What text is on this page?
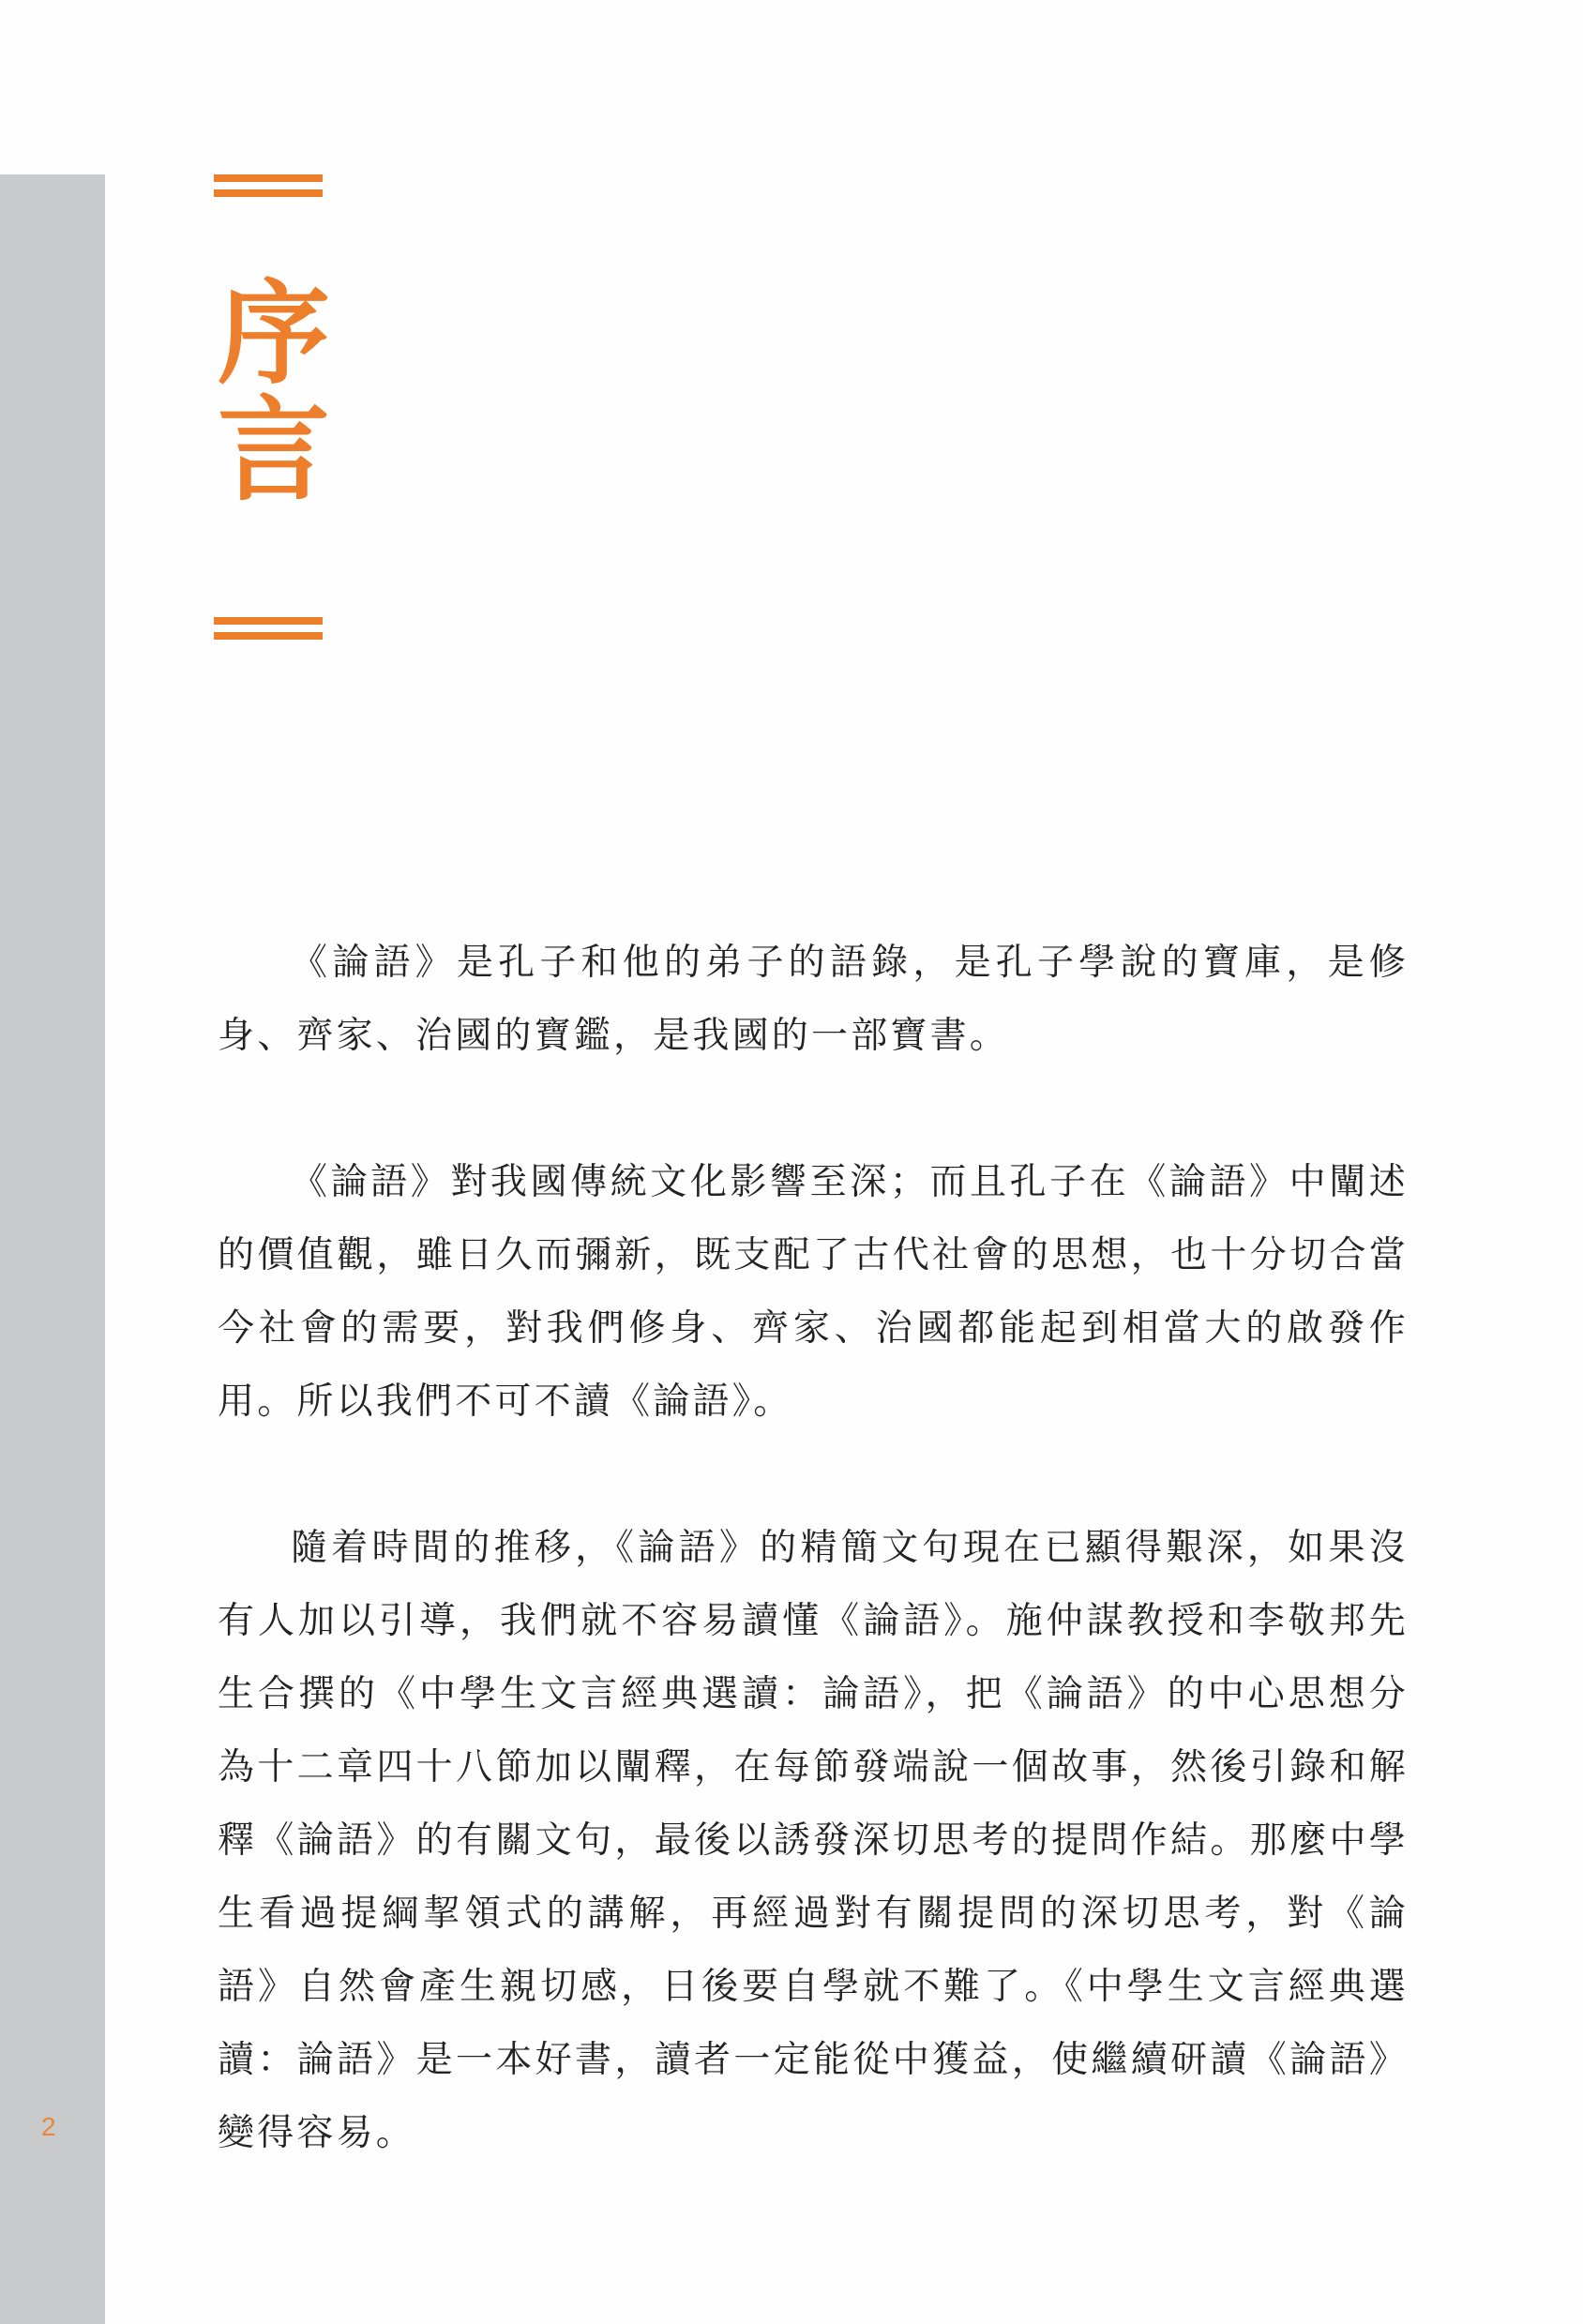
2
序言

《論語》是孔子和他的弟子的語錄，是孔子學說的寶庫，是修身、齊家、治國的寶鑑，是我國的一部寶書。

《論語》對我國傳統文化影響至深；而且孔子在《論語》中闡述的價值觀，雖日久而彌新，既支配了古代社會的思想，也十分切合當今社會的需要，對我們修身、齊家、治國都能起到相當大的啟發作用。所以我們不可不讀《論語》。

隨着時間的推移，《論語》的精簡文句現在已顯得艱深，如果沒有人加以引導，我們就不容易讀懂《論語》。施仲謀教授和李敬邦先生合撰的《中學生文言經典選讀：論語》，把《論語》的中心思想分為十二章四十八節加以闡釋，在每節發端說一個故事，然後引錄和解釋《論語》的有關文句，最後以誘發深切思考的提問作結。那麼中學生看過提綱挈領式的講解，再經過對有關提問的深切思考，對《論語》自然會產生親切感，日後要自學就不難了。《中學生文言經典選讀：論語》是一本好書，讀者一定能從中獲益，使繼續研讀《論語》變得容易。
